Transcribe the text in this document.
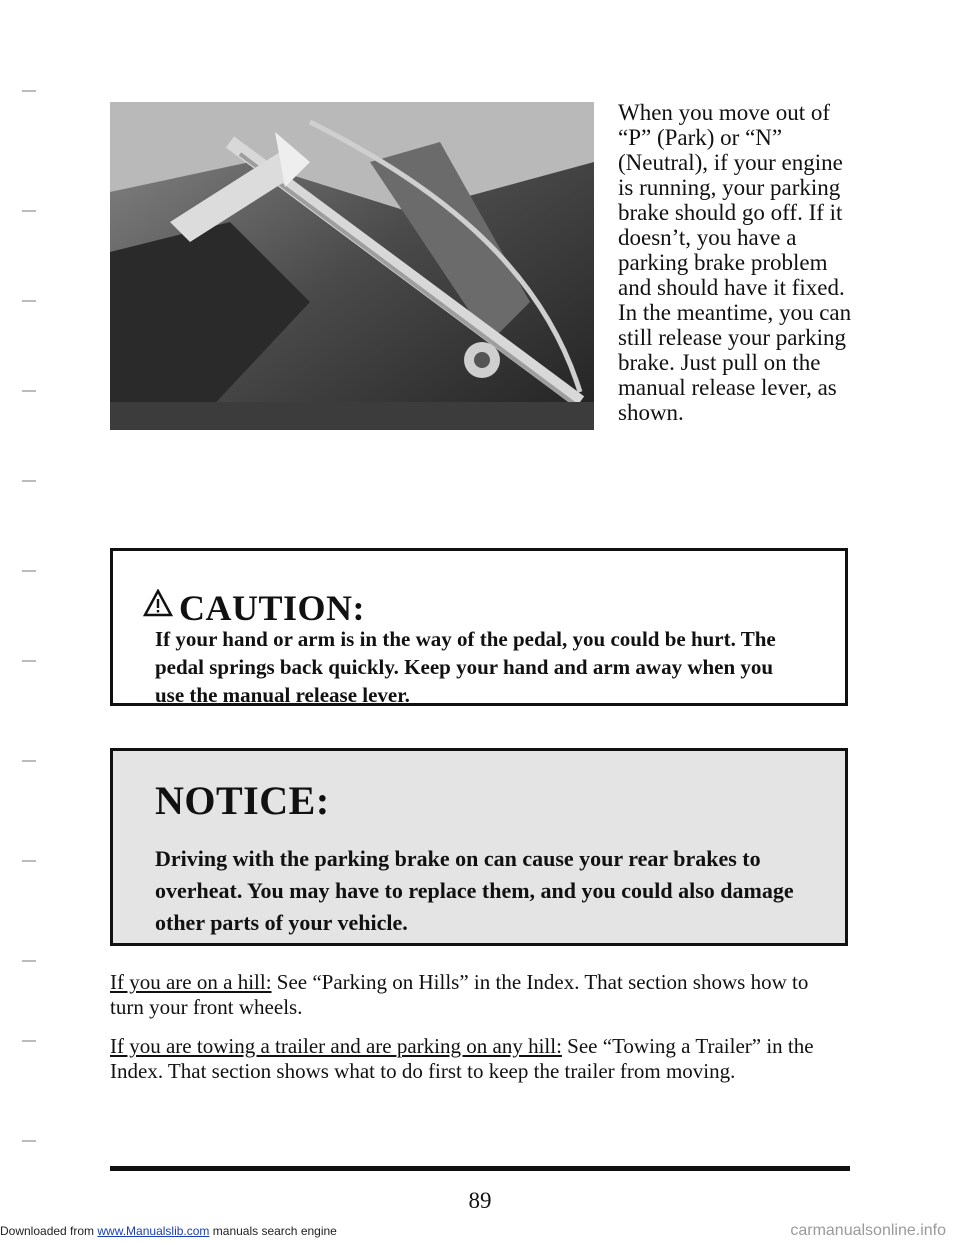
When you move out of “P” (Park) or “N” (Neutral), if your engine is running, your parking brake should go off. If it doesn’t, you have a parking brake problem and should have it fixed. In the meantime, you can still release your parking brake. Just pull on the manual release lever, as shown.

CAUTION:

If your hand or arm is in the way of the pedal, you could be hurt. The pedal springs back quickly. Keep your hand and arm away when you use the manual release lever.

NOTICE:

Driving with the parking brake on can cause your rear brakes to overheat. You may have to replace them, and you could also damage other parts of your vehicle.

If you are on a hill: See “Parking on Hills” in the Index. That section shows how to turn your front wheels.

If you are towing a trailer and are parking on any hill: See “Towing a Trailer” in the Index. That section shows what to do first to keep the trailer from moving.

89

Downloaded from www.Manualslib.com manuals search engine	carmanualsonline.info
